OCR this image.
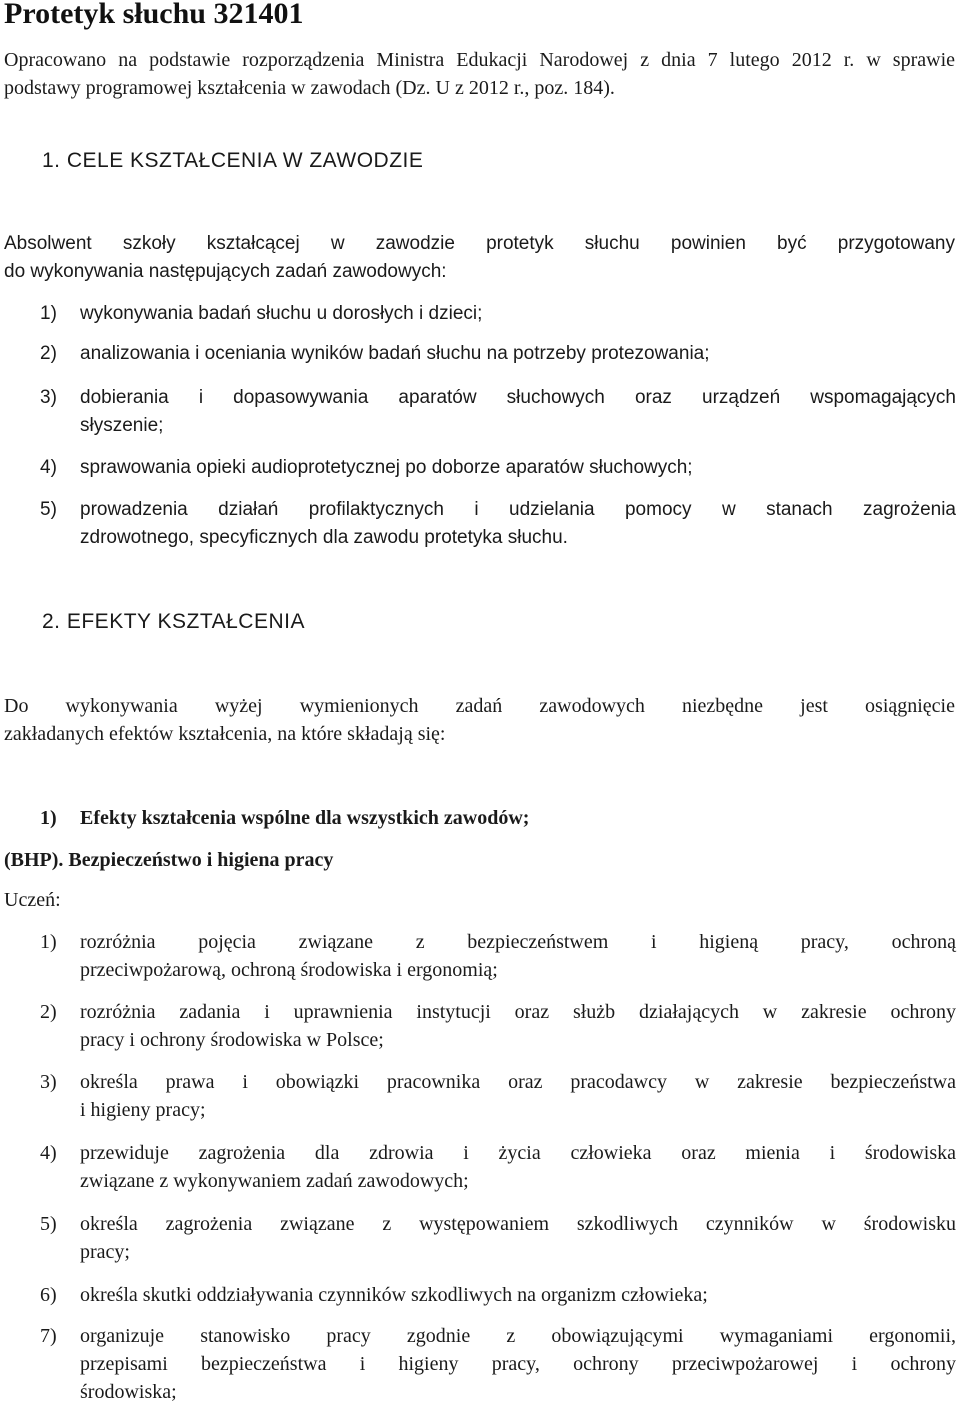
Protetyk słuchu 321401

Opracowano na podstawie rozporządzenia Ministra Edukacji Narodowej z dnia 7 lutego 2012 r. w sprawie
podstawy programowej kształcenia w zawodach (Dz. U z 2012 r., poz. 184).

1. CELE KSZTAŁCENIA W ZAWODZIE
Absolwent szkoły kształcącej w zawodzie protetyk słuchu powinien być przygotowany
do wykonywania następujących zadań zawodowych:
1)	wykonywania badań słuchu u dorosłych i dzieci;
2)	analizowania i oceniania wyników badań słuchu na potrzeby protezowania;
3)	dobierania i dopasowywania aparatów słuchowych oraz urządzeń wspomagających
słyszenie;
4)	sprawowania opieki audioprotetycznej po doborze aparatów słuchowych;
5)	prowadzenia działań profilaktycznych i udzielania pomocy w stanach zagrożenia
zdrowotnego, specyficznych dla zawodu protetyka słuchu.
2. EFEKTY KSZTAŁCENIA
Do wykonywania wyżej wymienionych zadań zawodowych niezbędne jest osiągnięcie
zakładanych efektów kształcenia, na które składają się:
1) Efekty kształcenia wspólne dla wszystkich zawodów;
(BHP). Bezpieczeństwo i higiena pracy
Uczeń:
1)	rozróżnia pojęcia związane z bezpieczeństwem i higieną pracy, ochroną
przeciwpożarową, ochroną środowiska i ergonomią;
2)	rozróżnia zadania i uprawnienia instytucji oraz służb działających w zakresie ochrony
pracy i ochrony środowiska w Polsce;
3)	określa prawa i obowiązki pracownika oraz pracodawcy w zakresie bezpieczeństwa
i higieny pracy;
4)	przewiduje zagrożenia dla zdrowia i życia człowieka oraz mienia i środowiska
związane z wykonywaniem zadań zawodowych;
5)	określa zagrożenia związane z występowaniem szkodliwych czynników w środowisku
pracy;
6)	określa skutki oddziaływania czynników szkodliwych na organizm człowieka;
7)	organizuje stanowisko pracy zgodnie z obowiązującymi wymaganiami ergonomii,
przepisami bezpieczeństwa i higieny pracy, ochrony przeciwpożarowej i ochrony
środowiska;
